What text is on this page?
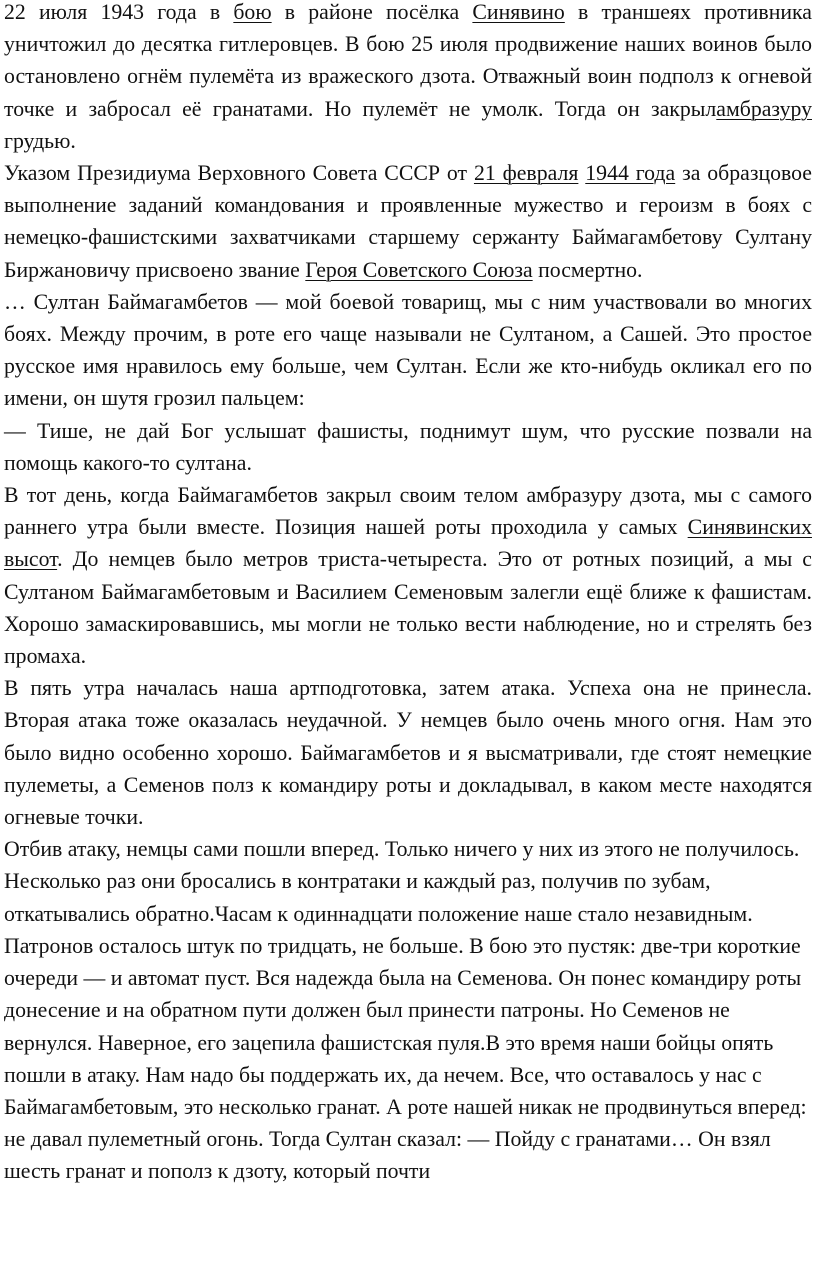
22 июля 1943 года в бою в районе посёлка Синявино в траншеях противника уничтожил до десятка гитлеровцев. В бою 25 июля продвижение наших воинов было остановлено огнём пулемёта из вражеского дзота. Отважный воин подполз к огневой точке и забросал её гранатами. Но пулемёт не умолк. Тогда он закрыламбразуру грудью.

Указом Президиума Верховного Совета СССР от 21 февраля 1944 года за образцовое выполнение заданий командования и проявленные мужество и героизм в боях с немецко-фашистскими захватчиками старшему сержанту Баймагамбетову Султану Биржановичу присвоено звание Героя Советского Союза посмертно.

… Султан Баймагамбетов — мой боевой товарищ, мы с ним участвовали во многих боях. Между прочим, в роте его чаще называли не Султаном, а Сашей. Это простое русское имя нравилось ему больше, чем Султан. Если же кто-нибудь окликал его по имени, он шутя грозил пальцем:

— Тише, не дай Бог услышат фашисты, поднимут шум, что русские позвали на помощь какого-то султана.

В тот день, когда Баймагамбетов закрыл своим телом амбразуру дзота, мы с самого раннего утра были вместе. Позиция нашей роты проходила у самых Синявинских высот. До немцев было метров триста-четыреста. Это от ротных позиций, а мы с Султаном Баймагамбетовым и Василием Семеновым залегли ещё ближе к фашистам. Хорошо замаскировавшись, мы могли не только вести наблюдение, но и стрелять без промаха.

В пять утра началась наша артподготовка, затем атака. Успеха она не принесла. Вторая атака тоже оказалась неудачной. У немцев было очень много огня. Нам это было видно особенно хорошо. Баймагамбетов и я высматривали, где стоят немецкие пулеметы, а Семенов полз к командиру роты и докладывал, в каком месте находятся огневые точки.

Отбив атаку, немцы сами пошли вперед. Только ничего у них из этого не получилось. Несколько раз они бросались в контратаки и каждый раз, получив по зубам, откатывались обратно.Часам к одиннадцати положение наше стало незавидным. Патронов осталось штук по тридцать, не больше. В бою это пустяк: две-три короткие очереди — и автомат пуст. Вся надежда была на Семенова. Он понес командиру роты донесение и на обратном пути должен был принести патроны. Но Семенов не вернулся. Наверное, его зацепила фашистская пуля.В это время наши бойцы опять пошли в атаку. Нам надо бы поддержать их, да нечем. Все, что оставалось у нас с Баймагамбетовым, это несколько гранат. А роте нашей никак не продвинуться вперед: не давал пулеметный огонь. Тогда Султан сказал: — Пойду с гранатами… Он взял шесть гранат и пополз к дзоту, который почти
